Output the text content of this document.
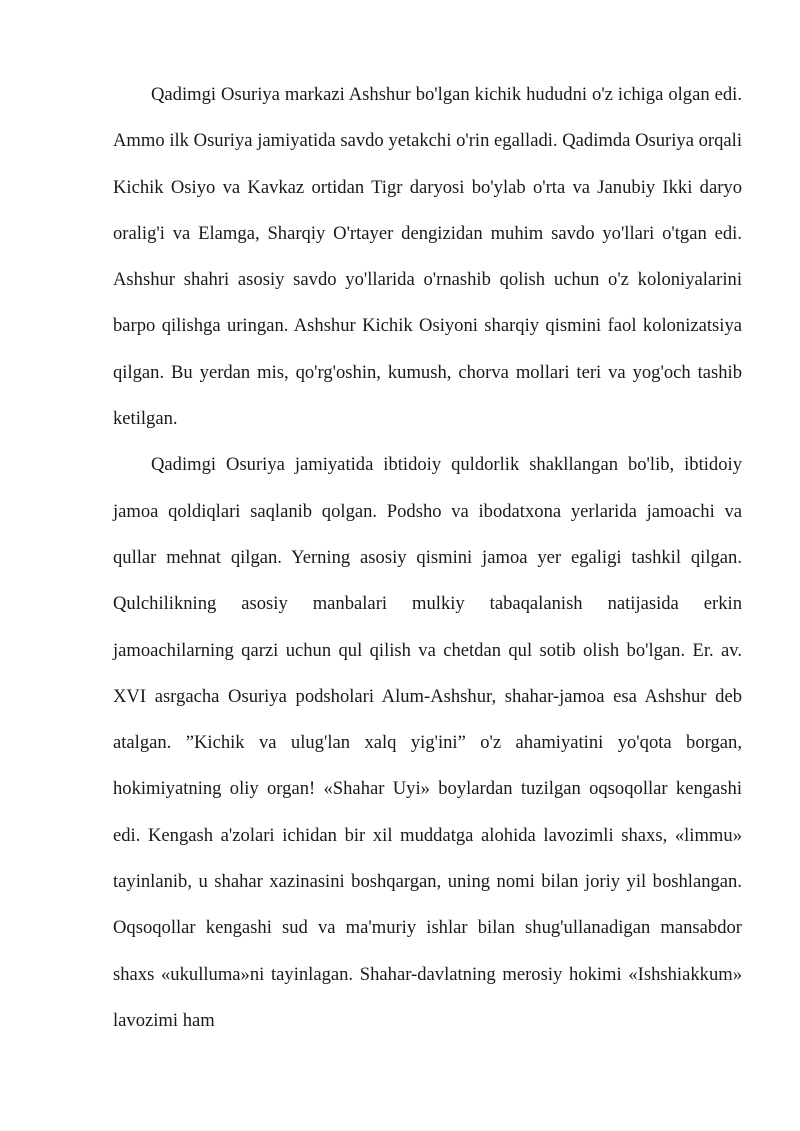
Qadimgi Osuriya markazi Ashshur bo'lgan kichik hududni o'z ichiga olgan edi. Ammo ilk Osuriya jamiyatida savdo yetakchi o'rin egalladi. Qadimda Osuriya orqali Kichik Osiyo va Kavkaz ortidan Tigr daryosi bo'ylab o'rta va Janubiy Ikki daryo oralig'i va Elamga, Sharqiy O'rtayer dengizidan muhim savdo yo'llari o'tgan edi. Ashshur shahri asosiy savdo yo'llarida o'rnashib qolish uchun o'z koloniyalarini barpo qilishga uringan. Ashshur Kichik Osiyoni sharqiy qismini faol kolonizatsiya qilgan. Bu yerdan mis, qo'rg'oshin, kumush, chorva mollari teri va yog'och tashib ketilgan.

Qadimgi Osuriya jamiyatida ibtidoiy quldorlik shakllangan bo'lib, ibtidoiy jamoa qoldiqlari saqlanib qolgan. Podsho va ibodatxona yerlarida jamoachi va qullar mehnat qilgan. Yerning asosiy qismini jamoa yer egaligi tashkil qilgan. Qulchilikning asosiy manbalari mulkiy tabaqalanish natijasida erkin jamoachilarning qarzi uchun qul qilish va chetdan qul sotib olish bo'lgan. Er. av. XVI asrgacha Osuriya podsholari Alum-Ashshur, shahar-jamoa esa Ashshur deb atalgan. ”Kichik va ulug'lan xalq yig'ini” o'z ahamiyatini yo'qota borgan, hokimiyatning oliy organ! «Shahar Uyi» boylardan tuzilgan oqsoqollar kengashi edi. Kengash a'zolari ichidan bir xil muddatga alohida lavozimli shaxs, «limmu» tayinlanib, u shahar xazinasini boshqargan, uning nomi bilan joriy yil boshlangan. Oqsoqollar kengashi sud va ma'muriy ishlar bilan shug'ullanadigan mansabdor shaxs «ukulluma»ni tayinlagan. Shahar-davlatning merosiy hokimi «Ishshiakkum» lavozimi ham
